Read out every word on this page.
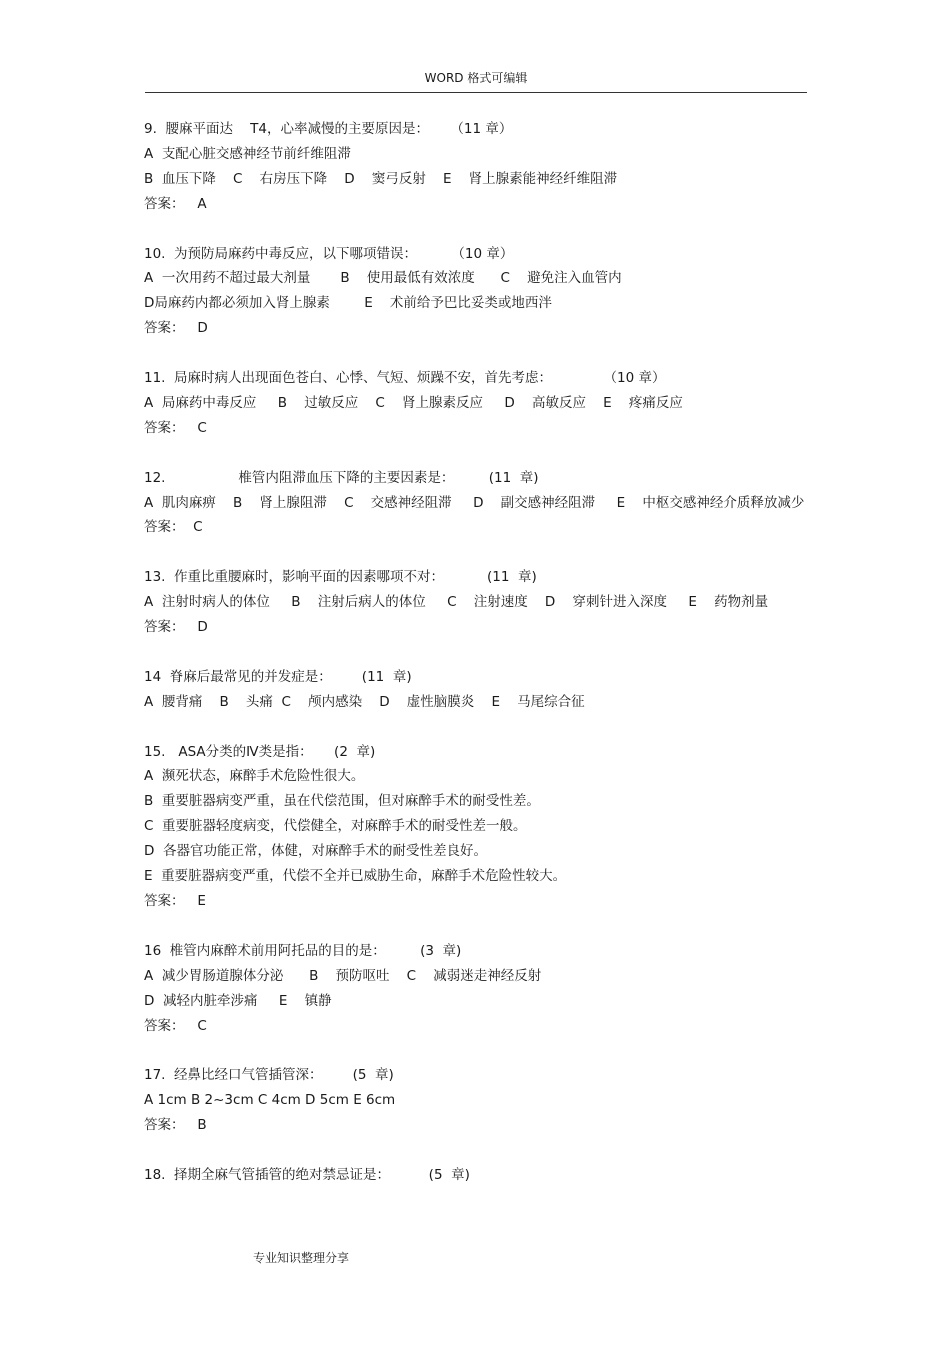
WORD 格式可编辑
9.  腰麻平面达    T4，心率减慢的主要原因是：     （11 章）
A  支配心脏交感神经节前纤维阻滞
B  血压下降    C    右房压下降    D    窦弓反射    E    肾上腺素能神经纤维阻滞
答案：   A
10.  为预防局麻药中毒反应，以下哪项错误：        （10 章）
A  一次用药不超过最大剂量       B    使用最低有效浓度      C    避免注入血管内
D局麻药内都必须加入肾上腺素        E    术前给予巴比妥类或地西泮
答案：   D
11.  局麻时病人出现面色苍白、心悸、气短、烦躁不安，首先考虑：            （10 章）
A  局麻药中毒反应     B    过敏反应    C    肾上腺素反应     D    高敏反应    E    疼痛反应
答案：   C
12.                 椎管内阻滞血压下降的主要因素是：        (11  章)
A  肌肉麻痹    B    肾上腺阻滞    C    交感神经阻滞     D    副交感神经阻滞     E    中枢交感神经介质释放减少
答案：  C
13.  作重比重腰麻时，影响平面的因素哪项不对：          (11  章)
A  注射时病人的体位     B    注射后病人的体位     C    注射速度    D    穿刺针进入深度     E    药物剂量
答案：   D
14  脊麻后最常见的并发症是：       (11  章)
A  腰背痛    B    头痛  C    颅内感染    D    虚性脑膜炎    E    马尾综合征
15.   ASA分类的Ⅳ类是指：     (2  章)
A  濒死状态，麻醉手术危险性很大。
B  重要脏器病变严重，虽在代偿范围，但对麻醉手术的耐受性差。
C  重要脏器轻度病变，代偿健全，对麻醉手术的耐受性差一般。
D  各器官功能正常，体健，对麻醉手术的耐受性差良好。
E  重要脏器病变严重，代偿不全并已威胁生命，麻醉手术危险性较大。
答案：   E
16  椎管内麻醉术前用阿托品的目的是：        (3  章)
A  减少胃肠道腺体分泌      B    预防呕吐    C    减弱迷走神经反射
D  减轻内脏牵涉痛     E    镇静
答案：   C
17.  经鼻比经口气管插管深：       (5  章)
A 1cm B 2~3cm C 4cm D 5cm E 6cm
答案：   B
18.  择期全麻气管插管的绝对禁忌证是：         (5  章)
专业知识整理分享
